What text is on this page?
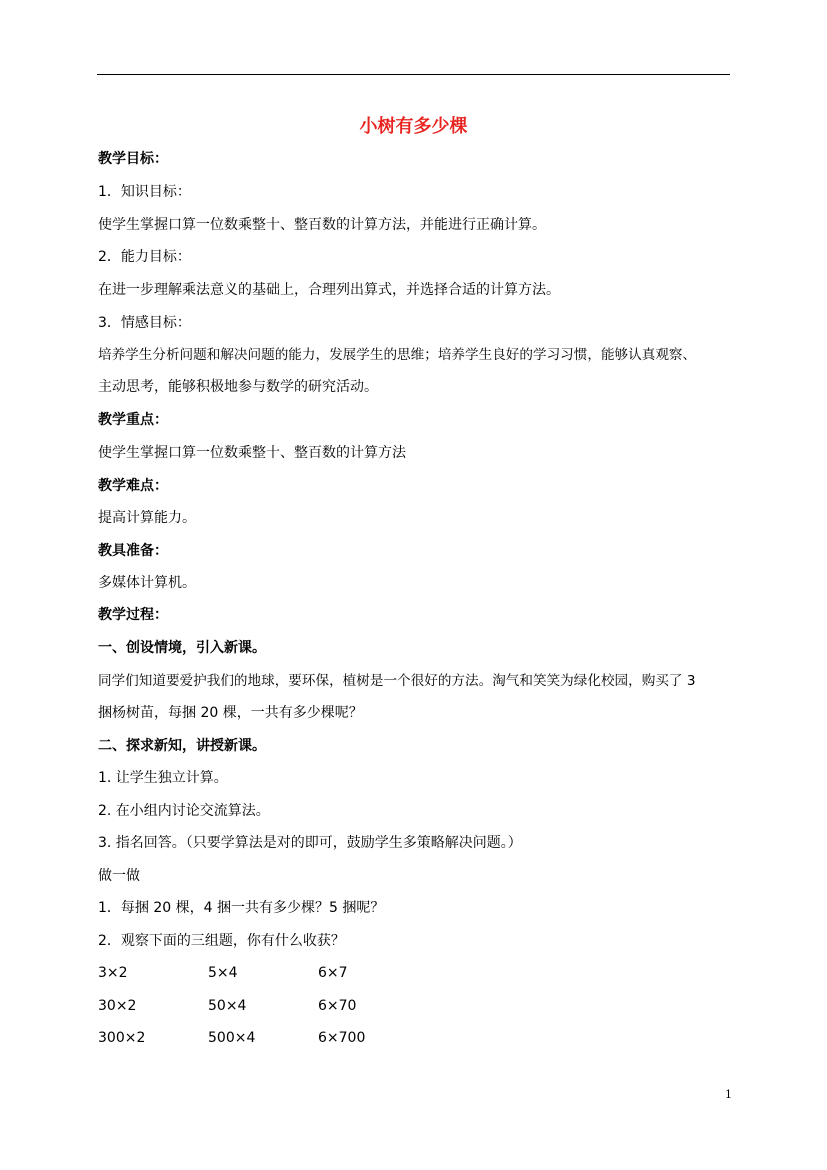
小树有多少棵
教学目标：
1．知识目标：
使学生掌握口算一位数乘整十、整百数的计算方法，并能进行正确计算。
2．能力目标：
在进一步理解乘法意义的基础上，合理列出算式，并选择合适的计算方法。
3．情感目标：
培养学生分析问题和解决问题的能力，发展学生的思维；培养学生良好的学习习惯，能够认真观察、
主动思考，能够积极地参与数学的研究活动。
教学重点：
使学生掌握口算一位数乘整十、整百数的计算方法
教学难点：
提高计算能力。
教具准备：
多媒体计算机。
教学过程：
一、创设情境，引入新课。
同学们知道要爱护我们的地球，要环保，植树是一个很好的方法。淘气和笑笑为绿化校园，购买了 3
捆杨树苗，每捆 20 棵，一共有多少棵呢？
二、探求新知，讲授新课。
1. 让学生独立计算。
2. 在小组内讨论交流算法。
3. 指名回答。（只要学算法是对的即可，鼓励学生多策略解决问题。）
做一做
1．每捆 20 棵，4 捆一共有多少棵？5 捆呢？
2．观察下面的三组题，你有什么收获？
3×2	5×4	6×7
30×2	50×4	6×70
300×2	500×4	6×700
1
